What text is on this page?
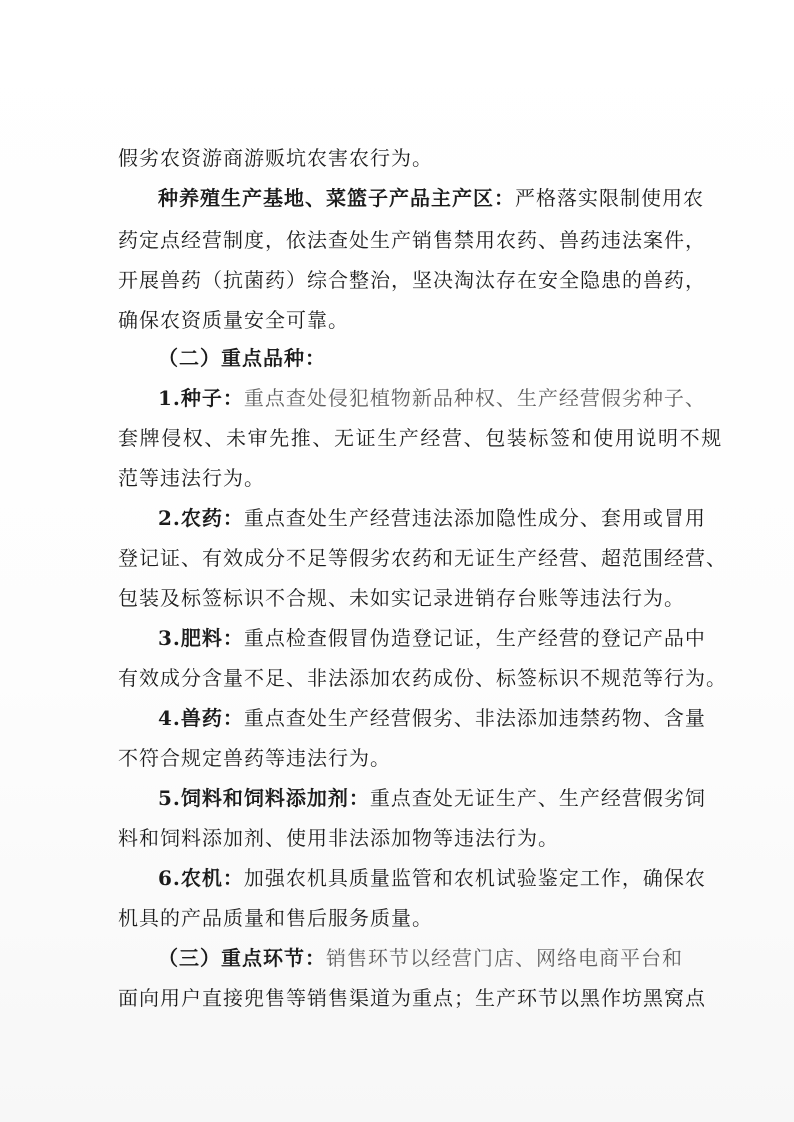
假劣农资游商游贩坑农害农行为。
种养殖生产基地、菜篮子产品主产区：严格落实限制使用农
药定点经营制度，依法查处生产销售禁用农药、兽药违法案件，
开展兽药（抗菌药）综合整治，坚决淘汰存在安全隐患的兽药，
确保农资质量安全可靠。
（二）重点品种：
1.种子：重点查处侵犯植物新品种权、生产经营假劣种子、
套牌侵权、未审先推、无证生产经营、包装标签和使用说明不规
范等违法行为。
2.农药：重点查处生产经营违法添加隐性成分、套用或冒用
登记证、有效成分不足等假劣农药和无证生产经营、超范围经营、
包装及标签标识不合规、未如实记录进销存台账等违法行为。
3.肥料：重点检查假冒伪造登记证，生产经营的登记产品中
有效成分含量不足、非法添加农药成份、标签标识不规范等行为。
4.兽药：重点查处生产经营假劣、非法添加违禁药物、含量
不符合规定兽药等违法行为。
5.饲料和饲料添加剂：重点查处无证生产、生产经营假劣饲
料和饲料添加剂、使用非法添加物等违法行为。
6.农机：加强农机具质量监管和农机试验鉴定工作，确保农
机具的产品质量和售后服务质量。
（三）重点环节：销售环节以经营门店、网络电商平台和
面向用户直接兜售等销售渠道为重点；生产环节以黑作坊黑窝点
